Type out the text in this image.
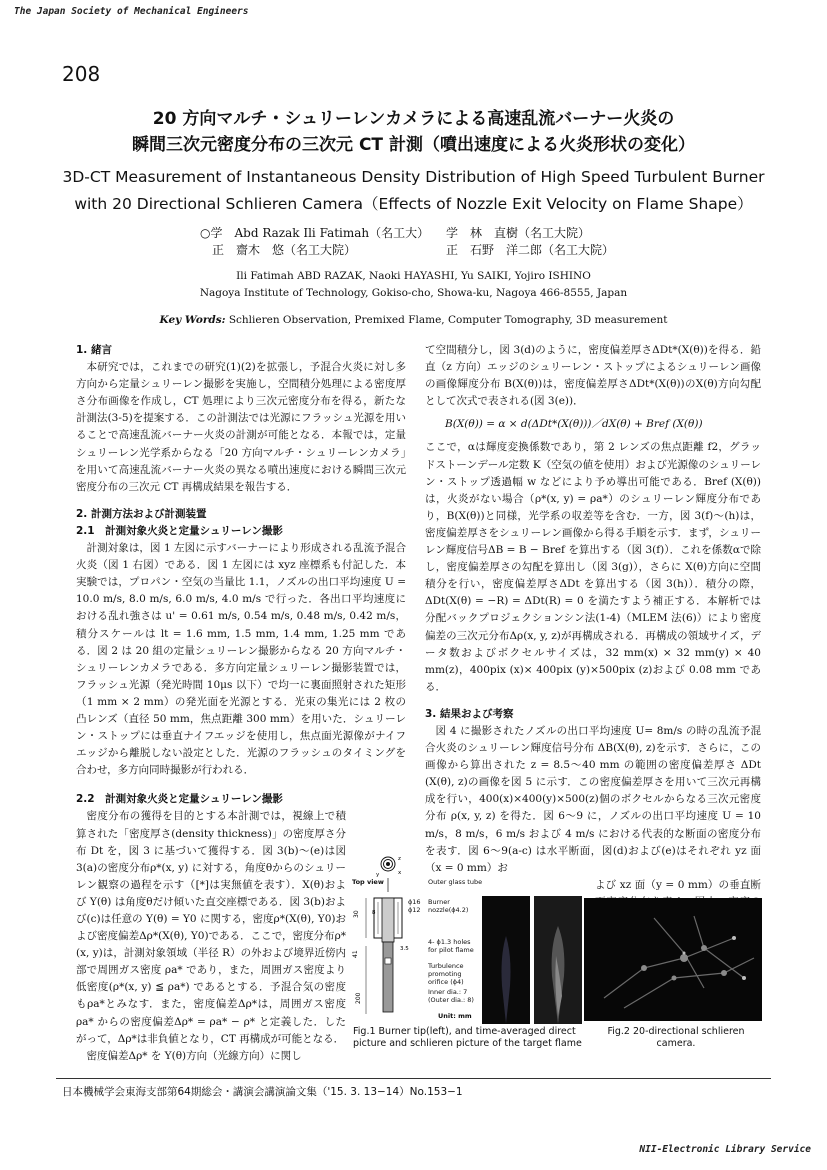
The Japan Society of Mechanical Engineers
208
20 方向マルチ・シュリーレンカメラによる高速乱流バーナー火炎の
瞬間三次元密度分布の三次元 CT 計測（噴出速度による火炎形状の変化）
3D-CT Measurement of Instantaneous Density Distribution of High Speed Turbulent Burner
with 20 Directional Schlieren Camera（Effects of Nozzle Exit Velocity on Flame Shape）
○学　Abd Razak Ili Fatimah（名工大） 学　林　直樹（名工大院）
正　齋木　悠（名工大院）	正　石野　洋二郎（名工大院）
Ili Fatimah ABD RAZAK, Naoki HAYASHI, Yu SAIKI, Yojiro ISHINO
Nagoya Institute of Technology, Gokiso-cho, Showa-ku, Nagoya 466-8555, Japan
Key Words: Schlieren Observation, Premixed Flame, Computer Tomography, 3D measurement
1. 緒言

本研究では，これまでの研究(1)(2)を拡張し，予混合火炎に対し多方向から定量シュリーレン撮影を実施し，空間積分処理による密度厚さ分布画像を作成し，CT 処理により三次元密度分布を得る，新たな計測法(3-5)を提案する．この計測法では光源にフラッシュ光源を用いることで高速乱流バーナー火炎の計測が可能となる．本報では，定量シュリーレン光学系からなる「20 方向マルチ・シュリーレンカメラ」を用いて高速乱流バーナー火炎の異なる噴出速度における瞬間三次元密度分布の三次元 CT 再構成結果を報告する．

2. 計測方法および計測装置
2.1　計測対象火炎と定量シュリーレン撮影

計測対象は，図 1 左図に示すバーナーにより形成される乱流予混合火炎（図 1 右図）である．図 1 左図には xyz 座標系も付記した．本実験では，プロパン・空気の当量比 1.1，ノズルの出口平均速度 U = 10.0 m/s, 8.0 m/s, 6.0 m/s, 4.0 m/s で行った．各出口平均速度における乱れ強さは u' = 0.61 m/s, 0.54 m/s, 0.48 m/s, 0.42 m/s，積分スケールは lt = 1.6 mm, 1.5 mm, 1.4 mm, 1.25 mm である．図 2 は 20 組の定量シュリーレン撮影からなる 20 方向マルチ・シュリーレンカメラである．多方向定量シュリーレン撮影装置では，フラッシュ光源（発光時間 10μs 以下）で均一に裏面照射された矩形（1 mm × 2 mm）の発光面を光源とする．光束の集光には 2 枚の凸レンズ（直径 50 mm，焦点距離 300 mm）を用いた．シュリーレン・ストップには垂直ナイフエッジを使用し，焦点面光源像がナイフエッジから離脱しない設定とした．光源のフラッシュのタイミングを合わせ，多方向同時撮影が行われる．

2.2　計測対象火炎と定量シュリーレン撮影

密度分布の獲得を目的とする本計測では，視線上で積算された「密度厚さ(density thickness)」の密度厚さ分布 Dt を，図 3 に基づいて獲得する．図 3(b)〜(e)は図 3(a)の密度分布ρ*(x, y) に対する，角度θからのシュリーレン観察の過程を示す（[*]は実無値を表す）．X(θ)および Y(θ) は角度θだけ傾いた直交座標である．図 3(b)および(c)は任意の Y(θ) = Y0 に関する，密度ρ*(X(θ), Y0)および密度偏差Δρ*(X(θ), Y0)である．ここで，密度分布ρ*(x, y)は，計測対象領域（半径 R）の外および境界近傍内部で周囲ガス密度 ρa* であり，また，周囲ガス密度より低密度(ρ*(x, y) ≦ ρa*) であるとする．予混合気の密度もρa*とみなす．また，密度偏差Δρ*は，周囲ガス密度 ρa* からの密度偏差Δρ* = ρa* − ρ* と定義した．したがって，Δρ*は非負値となり，CT 再構成が可能となる．

密度偏差Δρ* を Y(θ)方向（光線方向）に関し

て空間積分し，図 3(d)のように，密度偏差厚さΔDt*(X(θ))を得る．鉛直（z 方向）エッジのシュリーレン・ストップによるシュリーレン画像の画像輝度分布 B(X(θ))は，密度偏差厚さΔDt*(X(θ))のX(θ)方向勾配として次式で表される(図 3(e))．

B(X(θ)) = α × d(ΔDt*(X(θ)))／dX(θ) + Bref (X(θ))

ここで，αは輝度変換係数であり，第 2 レンズの焦点距離 f2，グラッドストーンデール定数 K（空気の値を使用）および光源像のシュリーレン・ストップ透過幅 w などにより予め導出可能である．Bref (X(θ))は，火炎がない場合（ρ*(x, y) = ρa*）のシュリーレン輝度分布であり，B(X(θ))と同様，光学系の収差等を含む．一方，図 3(f)〜(h)は，密度偏差厚さをシュリーレン画像から得る手順を示す．まず，シュリーレン輝度信号ΔB = B − Bref を算出する（図 3(f)）．これを係数αで除し，密度偏差厚さの勾配を算出し（図 3(g)），さらに X(θ)方向に空間積分を行い，密度偏差厚さΔDt を算出する（図 3(h)）．積分の際，ΔDt(X(θ) = −R) = ΔDt(R) = 0 を満たすよう補正する．本解析では分配バックプロジェクションシン法(1-4)（MLEM 法(6)）により密度偏差の三次元分布Δρ(x, y, z)が再構成される．再構成の領域サイズ，データ数およびボクセルサイズは，32 mm(x) × 32 mm(y) × 40 mm(z)，400pix (x)× 400pix (y)×500pix (z)および 0.08 mm である．

3. 結果および考察

図 4 に撮影されたノズルの出口平均速度 U= 8m/s の時の乱流予混合火炎のシュリーレン輝度信号分布 ΔB(X(θ), z)を示す．さらに，この画像から算出された z = 8.5〜40 mm の範囲の密度偏差厚さ ΔDt (X(θ), z)の画像を図 5 に示す．この密度偏差厚さを用いて三次元再構成を行い，400(x)×400(y)×500(z)個のボクセルからなる三次元密度分布 ρ(x, y, z) を得た．図 6〜9 に，ノズルの出口平均速度 U = 10 m/s，8 m/s，6 m/s および 4 m/s における代表的な断面の密度分布を表す．図 6〜9(a-c) は水平断面，図(d)および(e)はそれぞれ yz 面（x = 0 mm）お

よび xz 面（y = 0 mm）の垂直断

30
41
200
8
3.5
z
x
y
Top view	Outer glass tube
ϕ16
ϕ12
Burner nozzle(ϕ4.2)
4- ϕ1.3 holes for pilot flame
Turbulence promoting orifice (ϕ4)
Inner dia.: 7
(Outer dia.: 8)
Unit: mm
Fig.1 Burner tip(left), and time-averaged direct picture and schlieren picture of the target flame
Fig.2 20-directional schlieren camera.
日本機械学会東海支部第64期総会・講演会講演論文集（'15. 3. 13−14）No.153−1
NII-Electronic Library Service
